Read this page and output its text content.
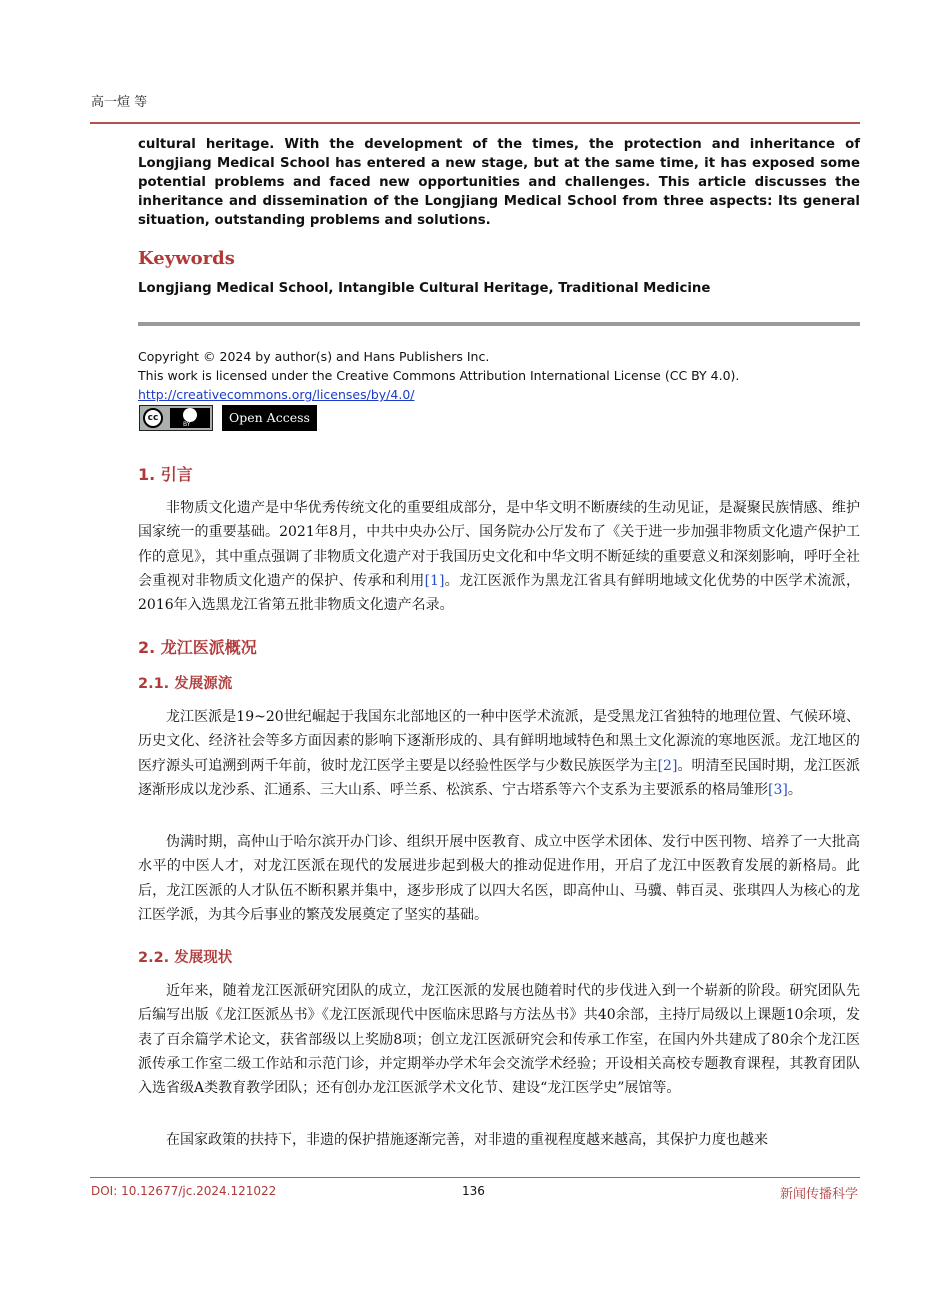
高一煊 等
cultural heritage. With the development of the times, the protection and inheritance of Longjiang Medical School has entered a new stage, but at the same time, it has exposed some potential problems and faced new opportunities and challenges. This article discusses the inheritance and dissemination of the Longjiang Medical School from three aspects: Its general situation, outstanding problems and solutions.
Keywords
Longjiang Medical School, Intangible Cultural Heritage, Traditional Medicine
Copyright © 2024 by author(s) and Hans Publishers Inc.
This work is licensed under the Creative Commons Attribution International License (CC BY 4.0).
http://creativecommons.org/licenses/by/4.0/
cc
BY	Open Access
1. 引言
非物质文化遗产是中华优秀传统文化的重要组成部分，是中华文明不断赓续的生动见证，是凝聚民族情感、维护国家统一的重要基础。2021年8月，中共中央办公厅、国务院办公厅发布了《关于进一步加强非物质文化遗产保护工作的意见》，其中重点强调了非物质文化遗产对于我国历史文化和中华文明不断延续的重要意义和深刻影响，呼吁全社会重视对非物质文化遗产的保护、传承和利用[1]。龙江医派作为黑龙江省具有鲜明地域文化优势的中医学术流派，2016年入选黑龙江省第五批非物质文化遗产名录。
2. 龙江医派概况
2.1. 发展源流
龙江医派是19~20世纪崛起于我国东北部地区的一种中医学术流派，是受黑龙江省独特的地理位置、气候环境、历史文化、经济社会等多方面因素的影响下逐渐形成的、具有鲜明地域特色和黑土文化源流的寒地医派。龙江地区的医疗源头可追溯到两千年前，彼时龙江医学主要是以经验性医学与少数民族医学为主[2]。明清至民国时期，龙江医派逐渐形成以龙沙系、汇通系、三大山系、呼兰系、松滨系、宁古塔系等六个支系为主要派系的格局雏形[3]。
伪满时期，高仲山于哈尔滨开办门诊、组织开展中医教育、成立中医学术团体、发行中医刊物、培养了一大批高水平的中医人才，对龙江医派在现代的发展进步起到极大的推动促进作用，开启了龙江中医教育发展的新格局。此后，龙江医派的人才队伍不断积累并集中，逐步形成了以四大名医，即高仲山、马骥、韩百灵、张琪四人为核心的龙江医学派，为其今后事业的繁茂发展奠定了坚实的基础。
2.2. 发展现状
近年来，随着龙江医派研究团队的成立，龙江医派的发展也随着时代的步伐进入到一个崭新的阶段。研究团队先后编写出版《龙江医派丛书》《龙江医派现代中医临床思路与方法丛书》共40余部，主持厅局级以上课题10余项，发表了百余篇学术论文，获省部级以上奖励8项；创立龙江医派研究会和传承工作室，在国内外共建成了80余个龙江医派传承工作室二级工作站和示范门诊，并定期举办学术年会交流学术经验；开设相关高校专题教育课程，其教育团队入选省级A类教育教学团队；还有创办龙江医派学术文化节、建设“龙江医学史”展馆等。
在国家政策的扶持下，非遗的保护措施逐渐完善，对非遗的重视程度越来越高，其保护力度也越来
DOI: 10.12677/jc.2024.121022	136	新闻传播科学
